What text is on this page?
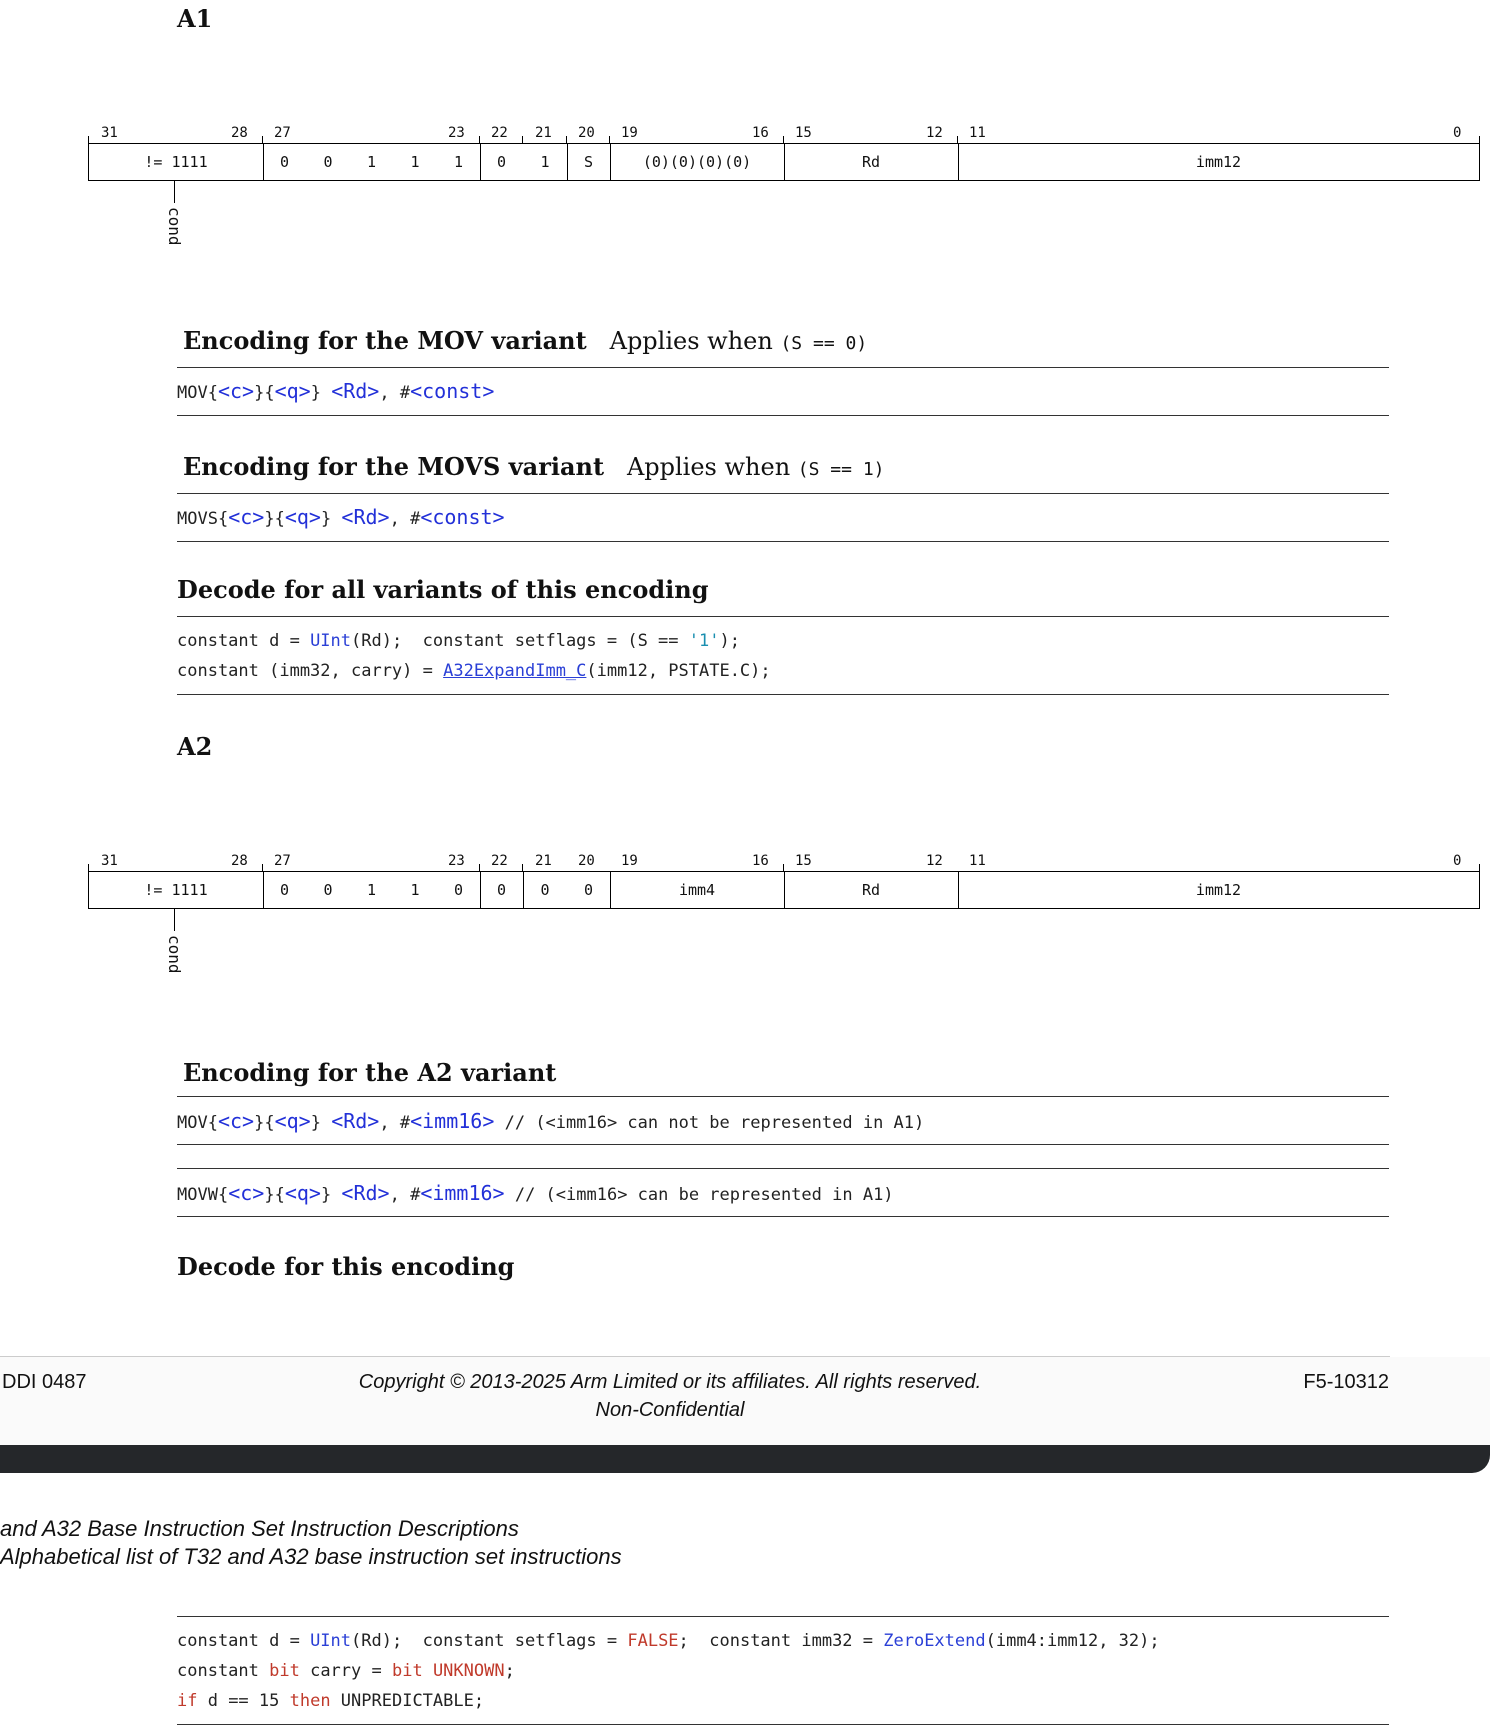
A1
31	28 27	23 22 21 20 19	16 15	12 11	0
!= 1111	0	0	1	1	1	0	1	S	(0)(0)(0)(0)	Rd	imm12
cond
Encoding for the MOV variant Applies when (S == 0)
MOV{<c>}{<q>} <Rd>, #<const>
Encoding for the MOVS variant Applies when (S == 1)
MOVS{<c>}{<q>} <Rd>, #<const>
Decode for all variants of this encoding
constant d = UInt(Rd);  constant setflags = (S == '1');
constant (imm32, carry) = A32ExpandImm_C(imm12, PSTATE.C);
A2
31	28 27	23 22 21 20 19	16 15	12 11	0
!= 1111	0	0	1	1	0	0	0	0	imm4	Rd	imm12
cond
Encoding for the A2 variant
MOV{<c>}{<q>} <Rd>, #<imm16> // (<imm16> can not be represented in A1)
MOVW{<c>}{<q>} <Rd>, #<imm16> // (<imm16> can be represented in A1)
Decode for this encoding
DDI 0487	Copyright © 2013-2025 Arm Limited or its affiliates. All rights reserved.
Non-Confidential
F5-10312
and A32 Base Instruction Set Instruction Descriptions
Alphabetical list of T32 and A32 base instruction set instructions
constant d = UInt(Rd);  constant setflags = FALSE;  constant imm32 = ZeroExtend(imm4:imm12, 32);
constant bit carry = bit UNKNOWN;
if d == 15 then UNPREDICTABLE;
